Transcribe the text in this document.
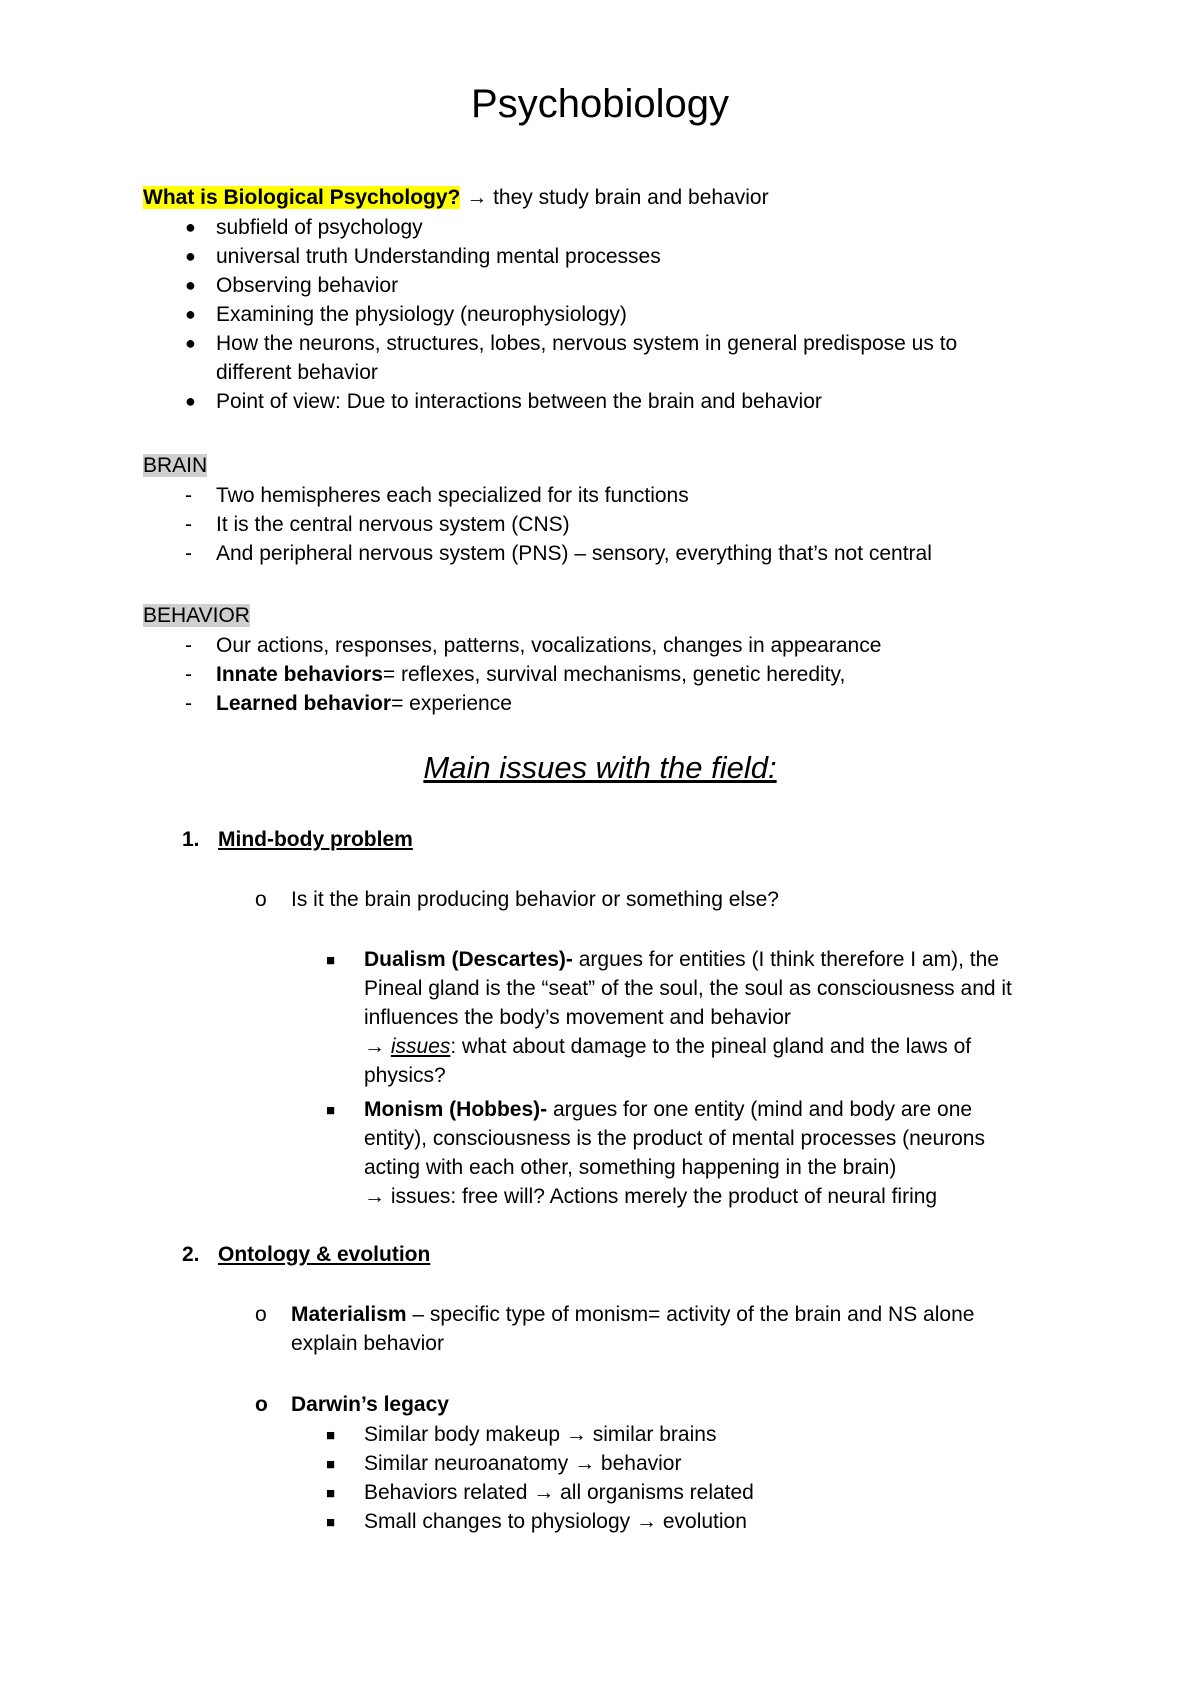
Psychobiology
What is Biological Psychology? → they study brain and behavior
● subfield of psychology
● universal truth Understanding mental processes
● Observing behavior
● Examining the physiology (neurophysiology)
● How the neurons, structures, lobes, nervous system in general predispose us to
different behavior
● Point of view: Due to interactions between the brain and behavior
BRAIN
- Two hemispheres each specialized for its functions
- It is the central nervous system (CNS)
- And peripheral nervous system (PNS) – sensory, everything that’s not central
BEHAVIOR
- Our actions, responses, patterns, vocalizations, changes in appearance
- Innate behaviors= reflexes, survival mechanisms, genetic heredity,
- Learned behavior= experience
Main issues with the field:
1. Mind-body problem
o Is it the brain producing behavior or something else?
■ Dualism (Descartes)- argues for entities (I think therefore I am), the
Pineal gland is the “seat” of the soul, the soul as consciousness and it
influences the body’s movement and behavior
→ issues: what about damage to the pineal gland and the laws of
physics?
■ Monism (Hobbes)- argues for one entity (mind and body are one
entity), consciousness is the product of mental processes (neurons
acting with each other, something happening in the brain)
→ issues: free will? Actions merely the product of neural firing
2. Ontology & evolution
o Materialism – specific type of monism= activity of the brain and NS alone
explain behavior
o Darwin’s legacy
■ Similar body makeup → similar brains
■ Similar neuroanatomy → behavior
■ Behaviors related → all organisms related
■ Small changes to physiology → evolution
